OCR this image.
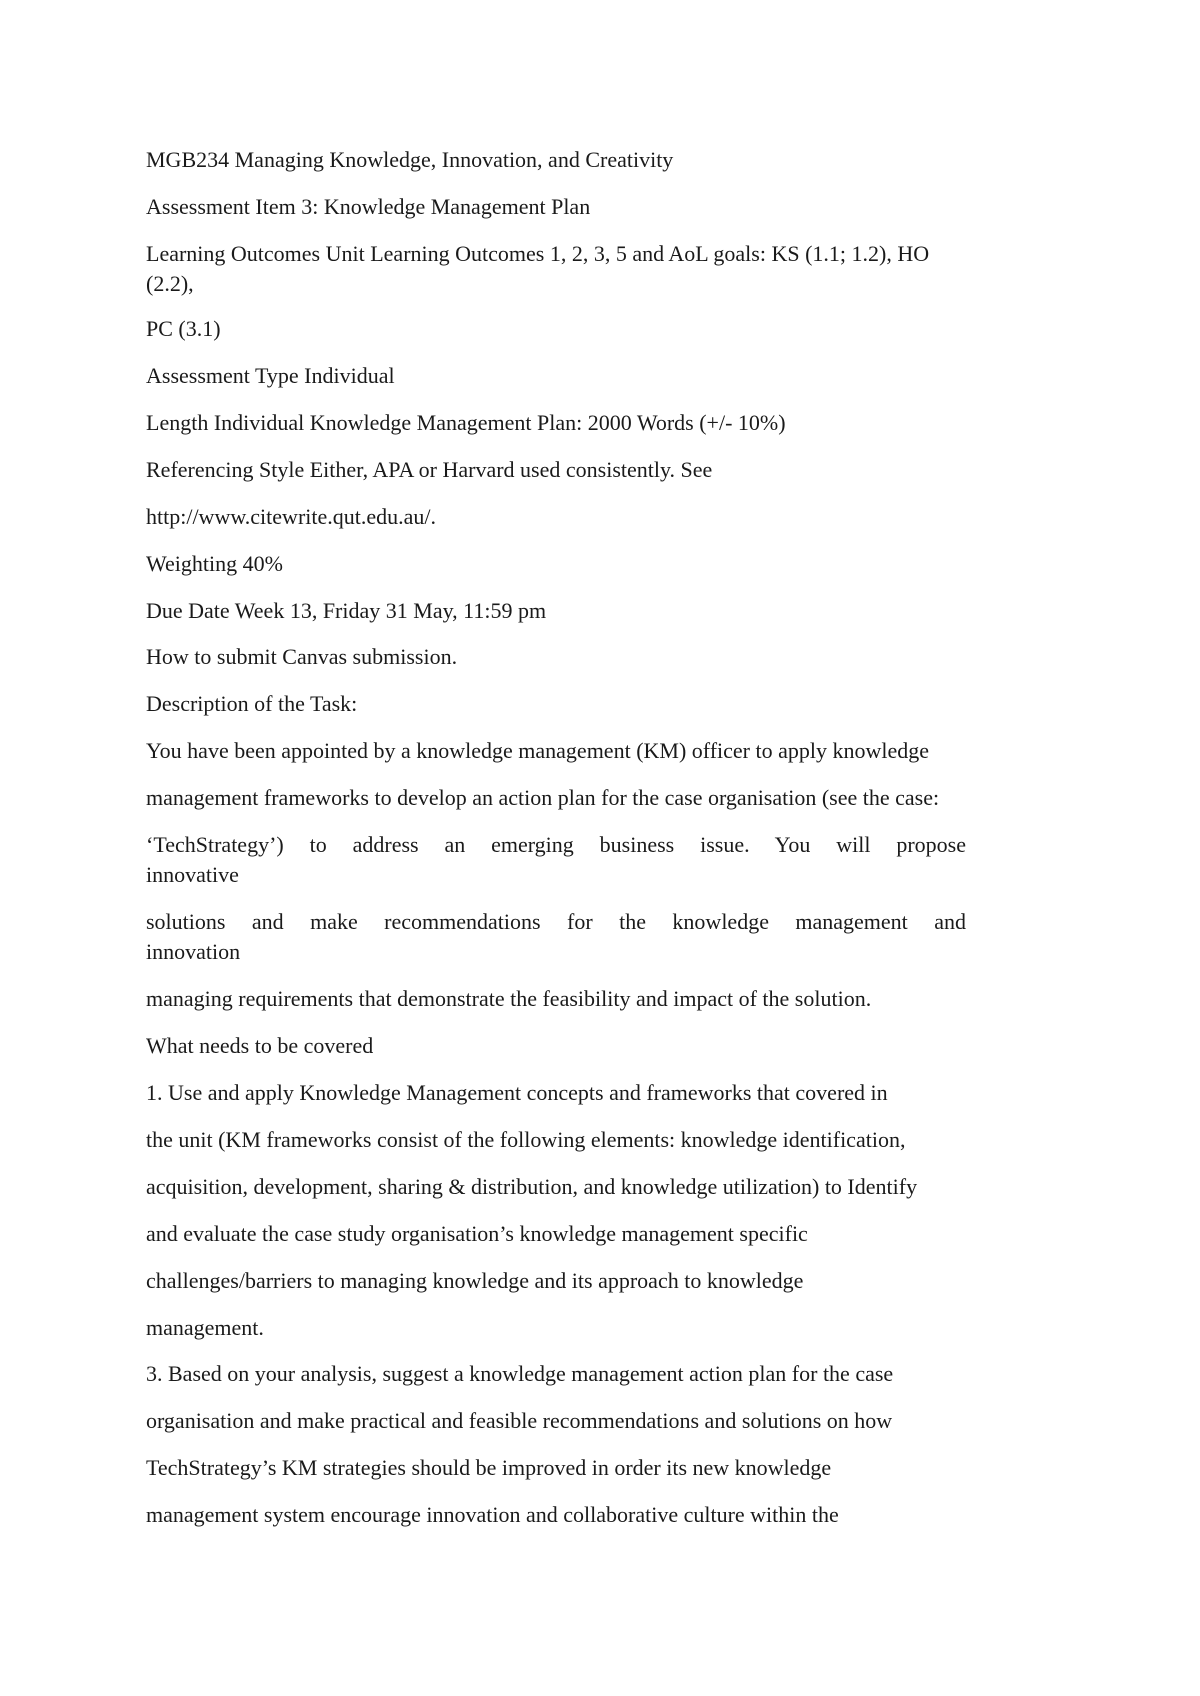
MGB234 Managing Knowledge, Innovation, and Creativity
Assessment Item 3: Knowledge Management Plan
Learning Outcomes Unit Learning Outcomes 1, 2, 3, 5 and AoL goals: KS (1.1; 1.2), HO (2.2),
PC (3.1)
Assessment Type Individual
Length Individual Knowledge Management Plan: 2000 Words (+/- 10%)
Referencing Style Either, APA or Harvard used consistently. See
http://www.citewrite.qut.edu.au/.
Weighting 40%
Due Date Week 13, Friday 31 May, 11:59 pm
How to submit Canvas submission.
Description of the Task:
You have been appointed by a knowledge management (KM) officer to apply knowledge
management frameworks to develop an action plan for the case organisation (see the case:
‘TechStrategy’) to address an emerging business issue. You will propose
innovative
solutions and make recommendations for the knowledge management and
innovation
managing requirements that demonstrate the feasibility and impact of the solution.
What needs to be covered
1. Use and apply Knowledge Management concepts and frameworks that covered in
the unit (KM frameworks consist of the following elements: knowledge identification,
acquisition, development, sharing & distribution, and knowledge utilization) to Identify
and evaluate the case study organisation’s knowledge management specific
challenges/barriers to managing knowledge and its approach to knowledge
management.
3. Based on your analysis, suggest a knowledge management action plan for the case
organisation and make practical and feasible recommendations and solutions on how
TechStrategy’s KM strategies should be improved in order its new knowledge
management system encourage innovation and collaborative culture within the
